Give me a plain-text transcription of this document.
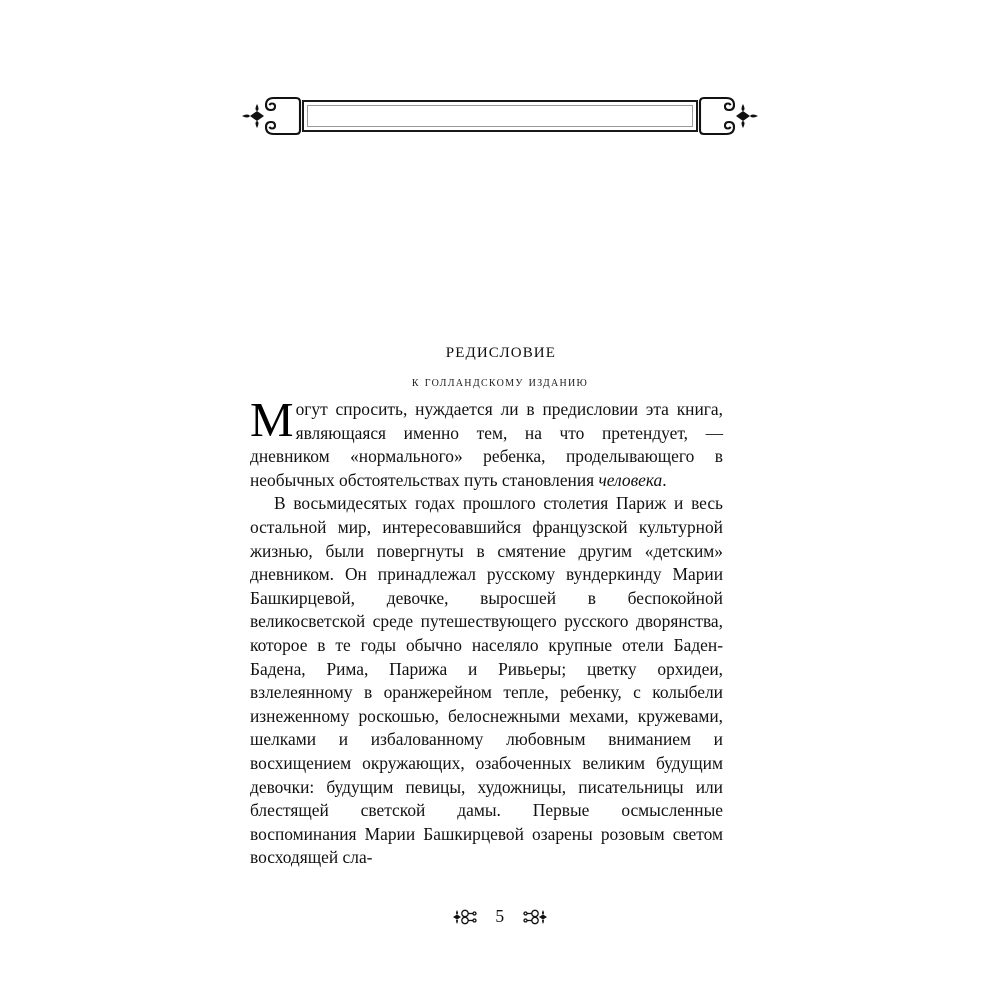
Предисловие
к голландскому изданию

Могут спросить, нуждается ли в предисловии эта книга, являющаяся именно тем, на что претендует, — дневником «нормального» ребенка, проделывающего в необычных обстоятельствах путь становления человека.

В восьмидесятых годах прошлого столетия Париж и весь остальной мир, интересовавшийся французской культурной жизнью, были повергнуты в смятение другим «детским» дневником. Он принадлежал русскому вундеркинду Марии Башкирцевой, девочке, выросшей в беспокойной великосветской среде путешествующего русского дворянства, которое в те годы обычно населяло крупные отели Баден-Бадена, Рима, Парижа и Ривьеры; цветку орхидеи, взлелеянному в оранжерейном тепле, ребенку, с колыбели изнеженному роскошью, белоснежными мехами, кружевами, шелками и избалованному любовным вниманием и восхищением окружающих, озабоченных великим будущим девочки: будущим певицы, художницы, писательницы или блестящей светской дамы. Первые осмысленные воспоминания Марии Башкирцевой озарены розовым светом восходящей сла-

5
